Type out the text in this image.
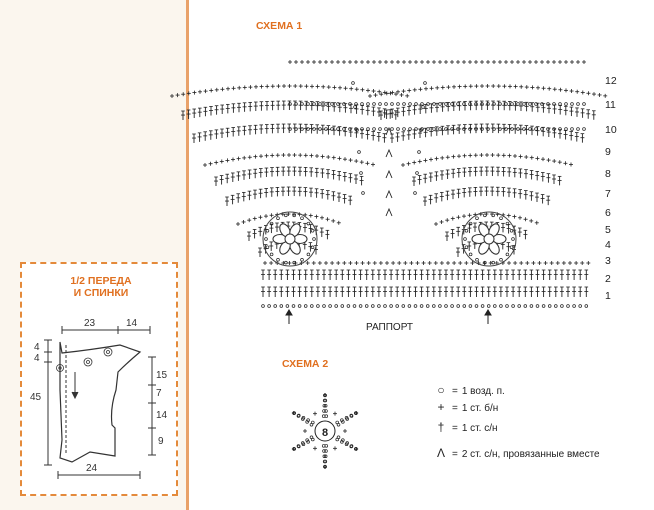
1/2 ПЕРЕДА
И СПИНКИ
23	14
4
4
45
15
7
14
9
24
12
11
10
9
8
7
6
5
4
3
2
1
РАППОРТ
8
СХЕМА 1
СХЕМА 2
○ = 1 возд. п.
+ = 1 ст. б/н
† = 1 ст. с/н
Λ = 2 ст. с/н, провязанные вместе
